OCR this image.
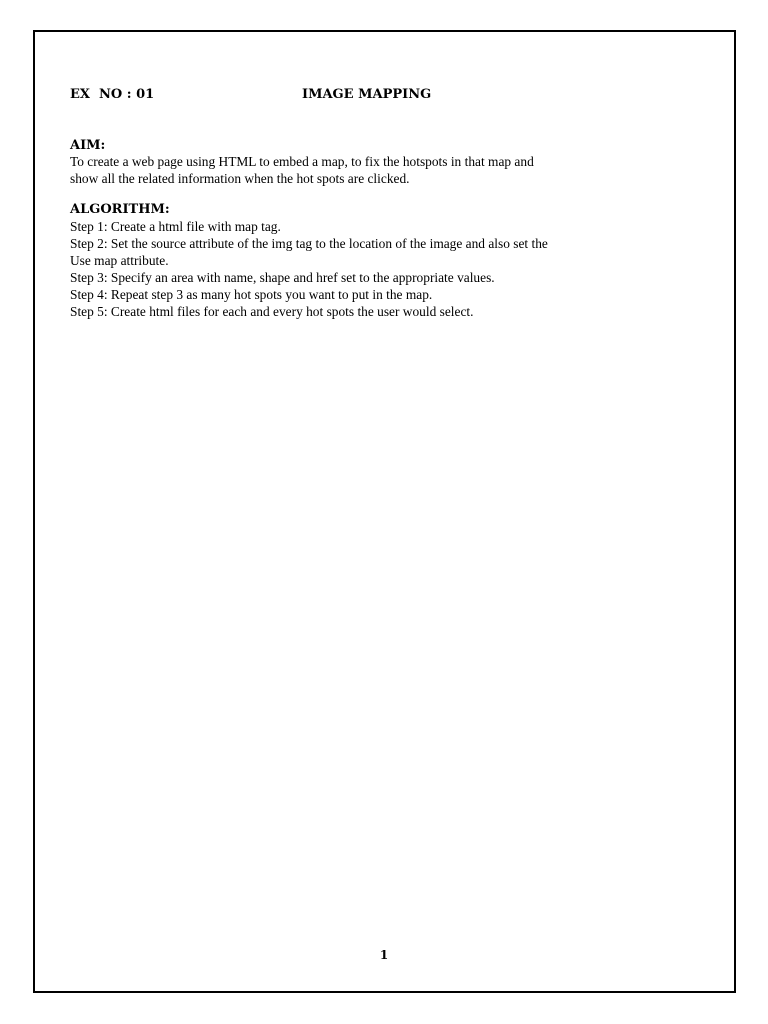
EX  NO : 01

	IMAGE MAPPING

AIM:
To create a web page using HTML to embed a map, to fix the hotspots in that map and
show all the related information when the hot spots are clicked.
ALGORITHM:
Step 1: Create a html file with map tag.
Step 2: Set the source attribute of the img tag to the location of the image and also set the
Use map attribute.
Step 3: Specify an area with name, shape and href set to the appropriate values.
Step 4: Repeat step 3 as many hot spots you want to put in the map.
Step 5: Create html files for each and every hot spots the user would select.
1
